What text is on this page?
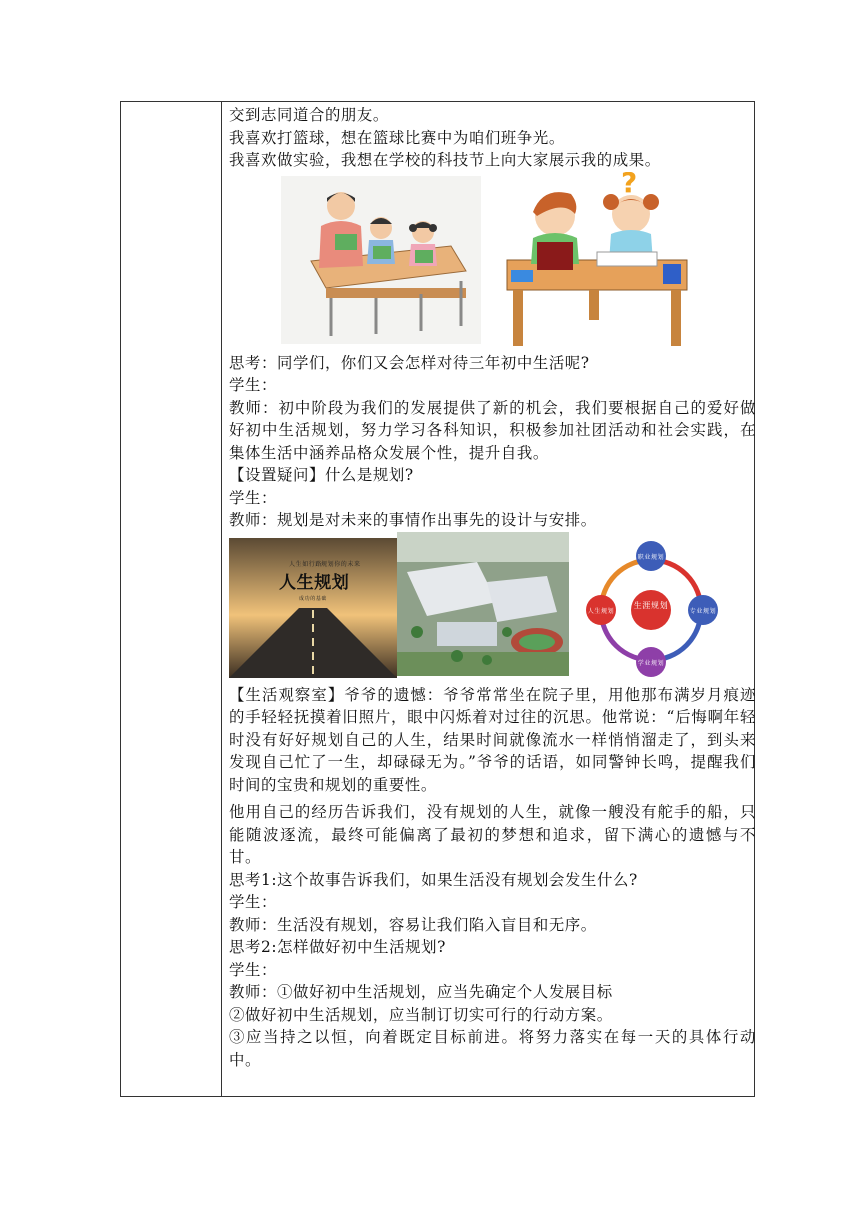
交到志同道合的朋友。
我喜欢打篮球，想在篮球比赛中为咱们班争光。
我喜欢做实验，我想在学校的科技节上向大家展示我的成果。
?
思考：同学们，你们又会怎样对待三年初中生活呢?
学生：
教师：初中阶段为我们的发展提供了新的机会，我们要根据自己的爱好做好初中生活规划，努力学习各科知识，积极参加社团活动和社会实践，在集体生活中涵养品格众发展个性，提升自我。
【设置疑问】什么是规划?
学生：
教师：规划是对未来的事情作出事先的设计与安排。
人生如行路
规划你的未来
人生规划
成功的基础
生涯规划
职业规划
专业规划
学业规划
人生规划
【生活观察室】爷爷的遗憾：爷爷常常坐在院子里，用他那布满岁月痕迹的手轻轻抚摸着旧照片，眼中闪烁着对过往的沉思。他常说：“后悔啊年轻时没有好好规划自己的人生，结果时间就像流水一样悄悄溜走了，到头来发现自己忙了一生，却碌碌无为。”爷爷的话语，如同警钟长鸣，提醒我们时间的宝贵和规划的重要性。
他用自己的经历告诉我们，没有规划的人生，就像一艘没有舵手的船，只能随波逐流，最终可能偏离了最初的梦想和追求，留下满心的遗憾与不甘。
思考1:这个故事告诉我们，如果生活没有规划会发生什么?
学生：
教师：生活没有规划，容易让我们陷入盲目和无序。
思考2:怎样做好初中生活规划?
学生：
教师：①做好初中生活规划，应当先确定个人发展目标
②做好初中生活规划，应当制订切实可行的行动方案。
③应当持之以恒，向着既定目标前进。将努力落实在每一天的具体行动中。
